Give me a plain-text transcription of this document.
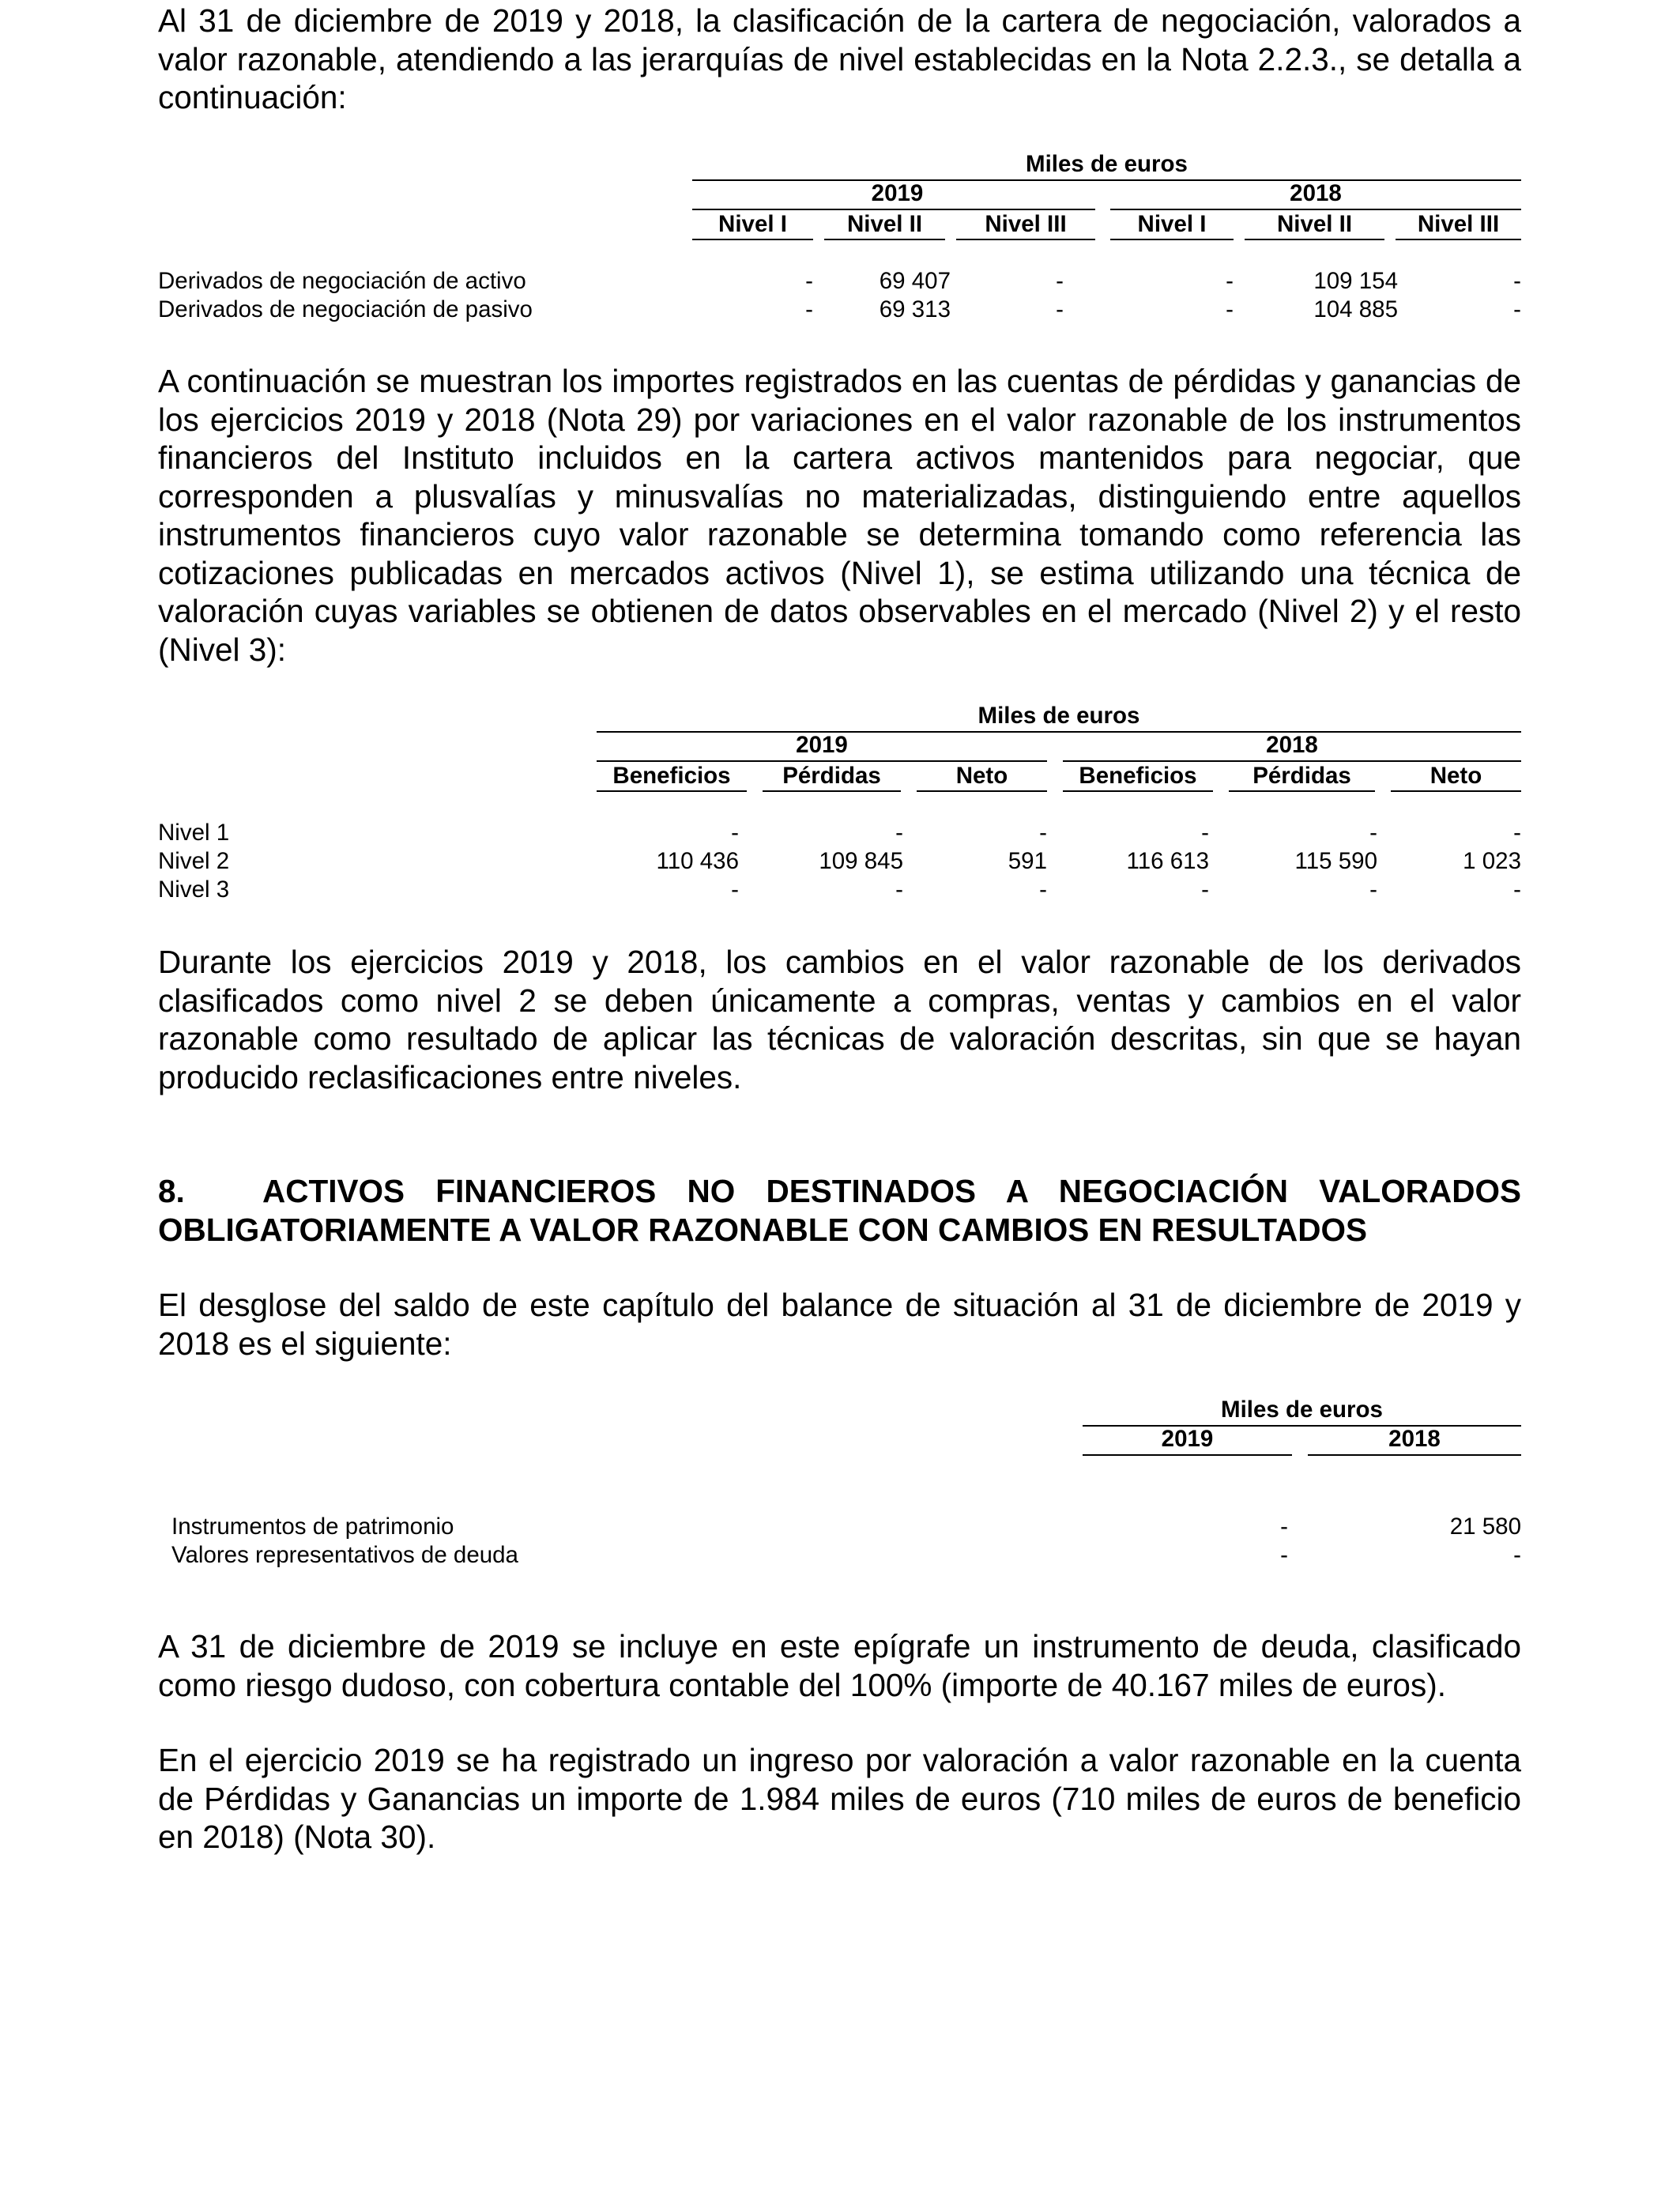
Al 31 de diciembre de 2019 y 2018, la clasificación de la cartera de negociación, valorados a valor razonable, atendiendo a las jerarquías de nivel establecidas en la Nota 2.2.3., se detalla a continuación:

Miles de euros
2019	2018
Nivel I	Nivel II	Nivel III	Nivel I	Nivel II	Nivel III
Derivados de negociación de activo	-	69 407	-	-	109 154	-
Derivados de negociación de pasivo	-	69 313	-	-	104 885	-

A continuación se muestran los importes registrados en las cuentas de pérdidas y ganancias de los ejercicios 2019 y 2018 (Nota 29) por variaciones en el valor razonable de los instrumentos financieros del Instituto incluidos en la cartera activos mantenidos para negociar, que corresponden a plusvalías y minusvalías no materializadas, distinguiendo entre aquellos instrumentos financieros cuyo valor razonable se determina tomando como referencia las cotizaciones publicadas en mercados activos (Nivel 1), se estima utilizando una técnica de valoración cuyas variables se obtienen de datos observables en el mercado (Nivel 2) y el resto (Nivel 3):

Miles de euros
2019	2018
Beneficios	Pérdidas	Neto	Beneficios	Pérdidas	Neto
Nivel 1	-	-	-	-	-	-
Nivel 2	110 436	109 845	591	116 613	115 590	1 023
Nivel 3	-	-	-	-	-	-

Durante los ejercicios 2019 y 2018, los cambios en el valor razonable de los derivados clasificados como nivel 2 se deben únicamente a compras, ventas y cambios en el valor razonable como resultado de aplicar las técnicas de valoración descritas, sin que se hayan producido reclasificaciones entre niveles.

8. ACTIVOS FINANCIEROS NO DESTINADOS A NEGOCIACIÓN VALORADOS OBLIGATORIAMENTE A VALOR RAZONABLE CON CAMBIOS EN RESULTADOS

El desglose del saldo de este capítulo del balance de situación al 31 de diciembre de 2019 y 2018 es el siguiente:

Miles de euros
2019	2018
Instrumentos de patrimonio	-	21 580
Valores representativos de deuda	-	-

A 31 de diciembre de 2019 se incluye en este epígrafe un instrumento de deuda, clasificado como riesgo dudoso, con cobertura contable del 100% (importe de 40.167 miles de euros).

En el ejercicio 2019 se ha registrado un ingreso por valoración a valor razonable en la cuenta de Pérdidas y Ganancias un importe de 1.984 miles de euros (710 miles de euros de beneficio en 2018) (Nota 30).
